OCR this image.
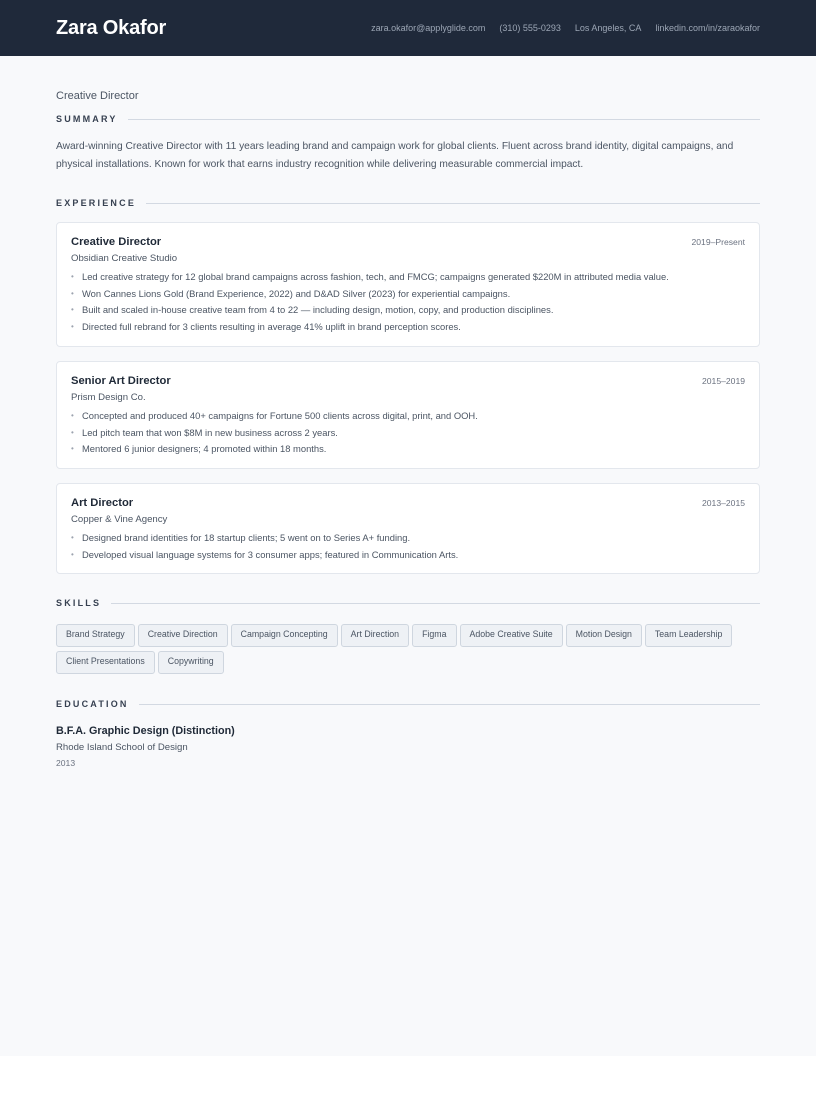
Zara Okafor	zara.okafor@applyglide.com (310) 555-0293 Los Angeles, CA linkedin.com/in/zaraokafor
Creative Director
SUMMARY

Award-winning Creative Director with 11 years leading brand and campaign work for global clients. Fluent across brand identity, digital campaigns, and physical installations. Known for work that earns industry recognition while delivering measurable commercial impact.

EXPERIENCE
Creative Director	2019–Present
Obsidian Creative Studio
• Led creative strategy for 12 global brand campaigns across fashion, tech, and FMCG; campaigns generated $220M in attributed media value.
• Won Cannes Lions Gold (Brand Experience, 2022) and D&AD Silver (2023) for experiential campaigns.
• Built and scaled in-house creative team from 4 to 22 — including design, motion, copy, and production disciplines.
• Directed full rebrand for 3 clients resulting in average 41% uplift in brand perception scores.
Senior Art Director	2015–2019
Prism Design Co.
• Concepted and produced 40+ campaigns for Fortune 500 clients across digital, print, and OOH.
• Led pitch team that won $8M in new business across 2 years.
• Mentored 6 junior designers; 4 promoted within 18 months.
Art Director	2013–2015
Copper & Vine Agency
• Designed brand identities for 18 startup clients; 5 went on to Series A+ funding.
• Developed visual language systems for 3 consumer apps; featured in Communication Arts.
SKILLS
Brand Strategy	Creative Direction	Campaign Concepting	Art Direction	Figma	Adobe Creative Suite	Motion Design	Team Leadership
Client Presentations	Copywriting
EDUCATION
B.F.A. Graphic Design (Distinction)
Rhode Island School of Design
2013
